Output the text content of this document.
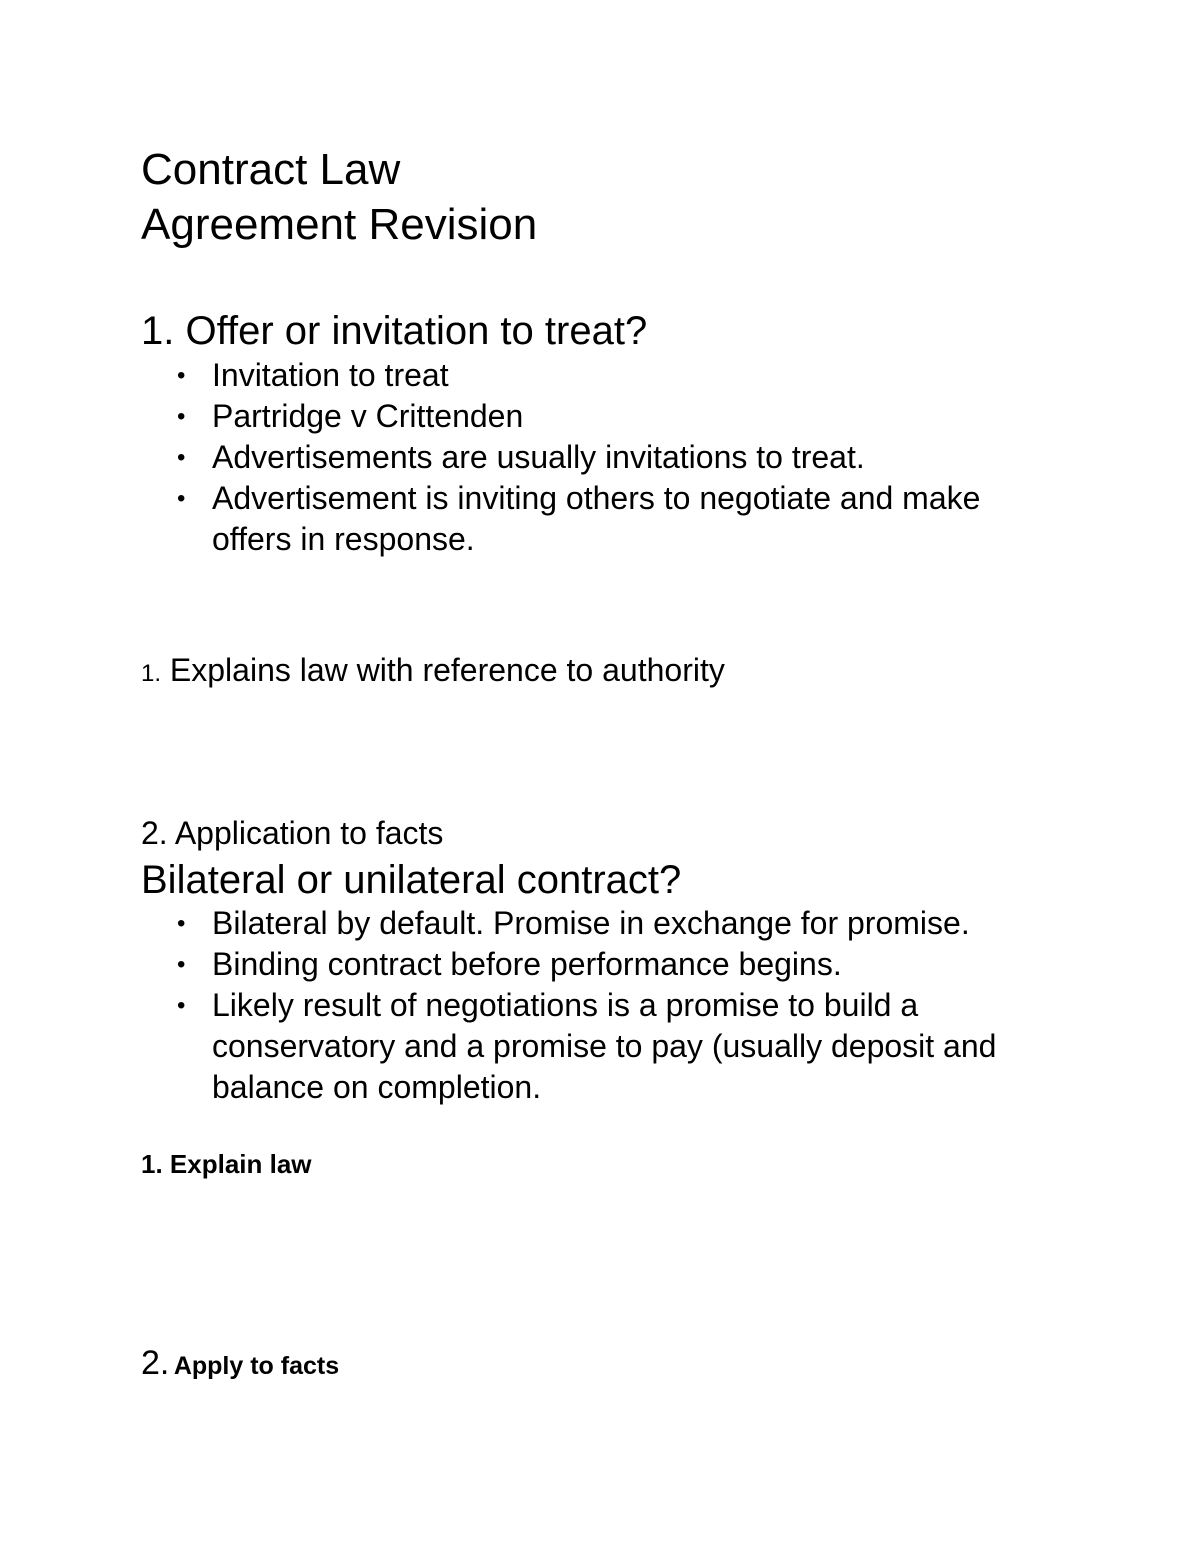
Contract Law
Agreement Revision
1. Offer or invitation to treat?
• Invitation to treat
• Partridge v Crittenden
• Advertisements are usually invitations to treat.
• Advertisement is inviting others to negotiate and make offers in response.
1. Explains law with reference to authority
2. Application to facts
Bilateral or unilateral contract?
• Bilateral by default. Promise in exchange for promise.
• Binding contract before performance begins.
• Likely result of negotiations is a promise to build a conservatory and a promise to pay (usually deposit and balance on completion.
1. Explain law
2. Apply to facts
